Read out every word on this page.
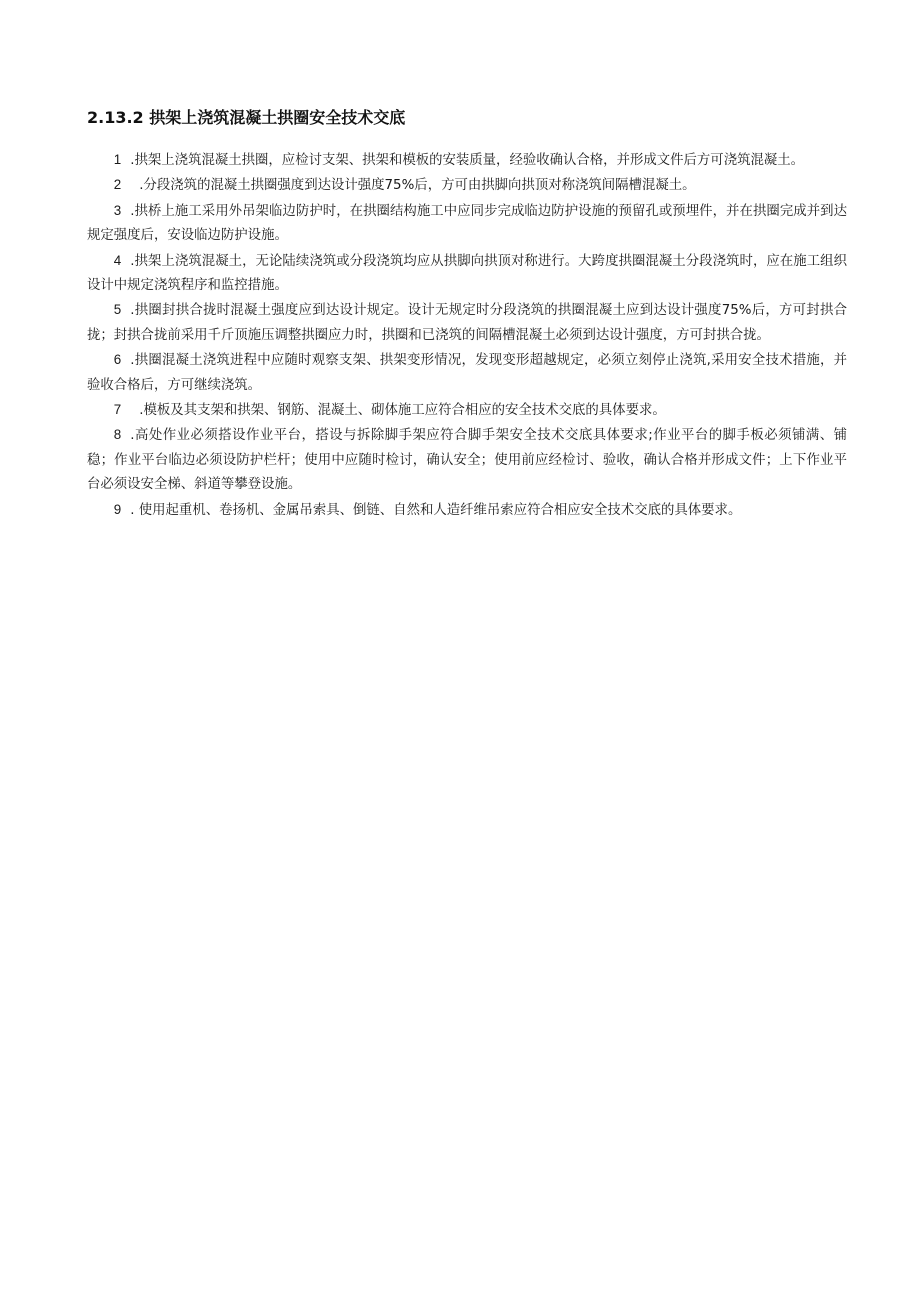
2.13.2 拱架上浇筑混凝土拱圈安全技术交底

1 .拱架上浇筑混凝土拱圈，应检讨支架、拱架和模板的安装质量，经验收确认合格，并形成文件后方可浇筑混凝土。

2 .分段浇筑的混凝土拱圈强度到达设计强度75%后，方可由拱脚向拱顶对称浇筑间隔槽混凝土。

3 .拱桥上施工采用外吊架临边防护时，在拱圈结构施工中应同步完成临边防护设施的预留孔或预埋件，并在拱圈完成并到达规定强度后，安设临边防护设施。

4 .拱架上浇筑混凝土，无论陆续浇筑或分段浇筑均应从拱脚向拱顶对称进行。大跨度拱圈混凝土分段浇筑时，应在施工组织设计中规定浇筑程序和监控措施。

5 .拱圈封拱合拢时混凝土强度应到达设计规定。设计无规定时分段浇筑的拱圈混凝土应到达设计强度75%后，方可封拱合拢；封拱合拢前采用千斤顶施压调整拱圈应力时，拱圈和已浇筑的间隔槽混凝土必须到达设计强度，方可封拱合拢。

6 .拱圈混凝土浇筑进程中应随时观察支架、拱架变形情况，发现变形超越规定，必须立刻停止浇筑,采用安全技术措施，并验收合格后，方可继续浇筑。

7 .模板及其支架和拱架、钢筋、混凝土、砌体施工应符合相应的安全技术交底的具体要求。

8 .高处作业必须搭设作业平台，搭设与拆除脚手架应符合脚手架安全技术交底具体要求;作业平台的脚手板必须铺满、铺稳；作业平台临边必须设防护栏杆；使用中应随时检讨，确认安全；使用前应经检讨、验收，确认合格并形成文件；上下作业平台必须设安全梯、斜道等攀登设施。

9 . 使用起重机、卷扬机、金属吊索具、倒链、自然和人造纤维吊索应符合相应安全技术交底的具体要求。
